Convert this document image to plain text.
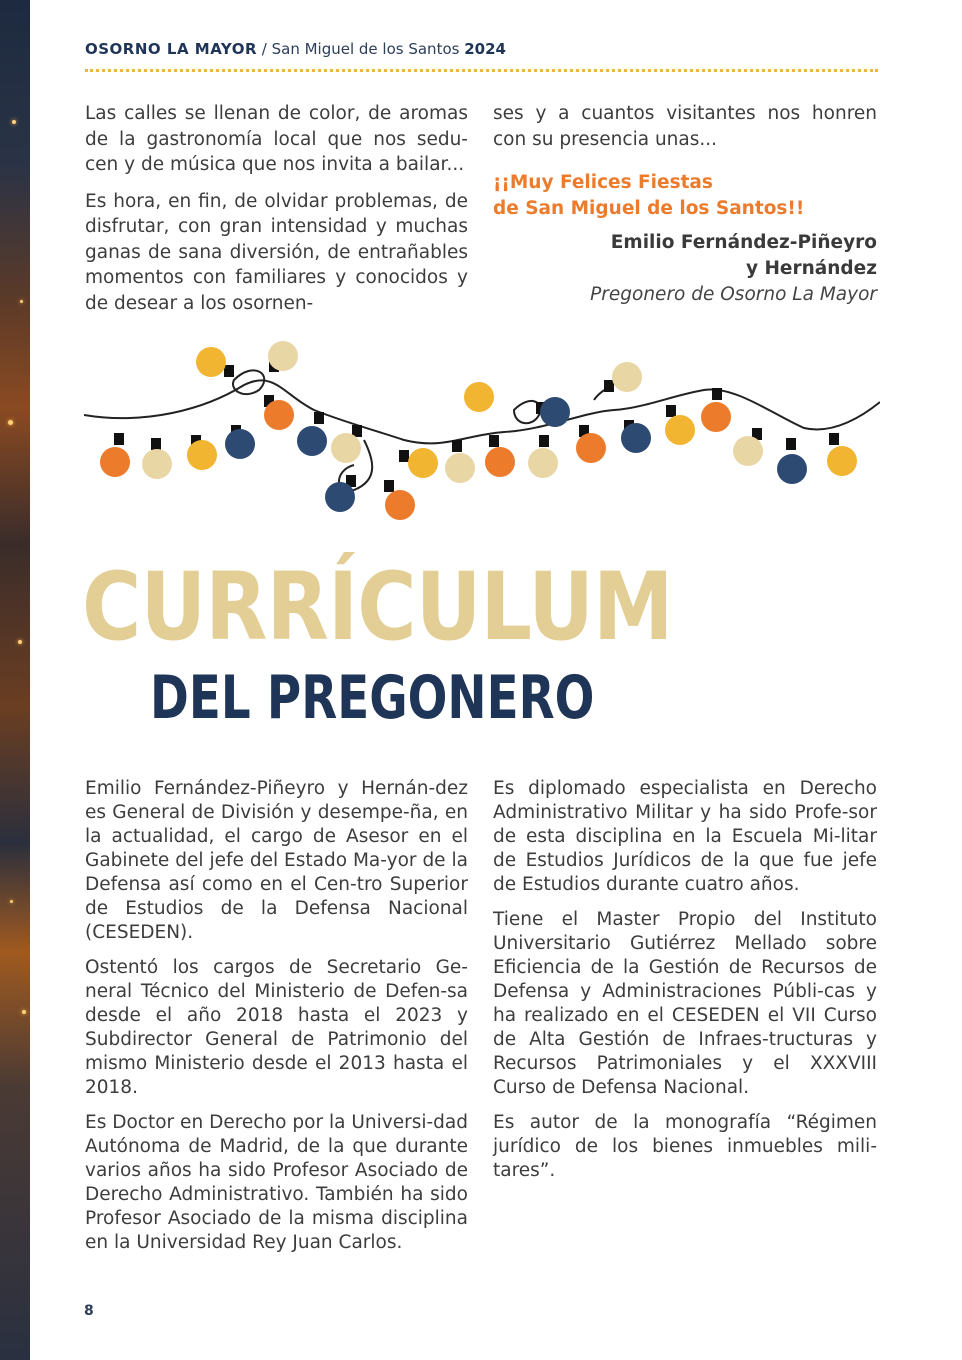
OSORNO LA MAYOR / San Miguel de los Santos 2024

Las calles se llenan de color, de aromas de la gastronomía local que nos sedu-cen y de música que nos invita a bailar...

Es hora, en fin, de olvidar problemas, de disfrutar, con gran intensidad y muchas ganas de sana diversión, de entrañables momentos con familiares y conocidos y de desear a los osornen-

ses y a cuantos visitantes nos honren con su presencia unas...

¡¡Muy Felices Fiestas
de San Miguel de los Santos!!
Emilio Fernández-Piñeyro
y Hernández
Pregonero de Osorno La Mayor
CURRÍCULUM
DEL PREGONERO

Emilio Fernández-Piñeyro y Hernán-dez es General de División y desempe-ña, en la actualidad, el cargo de Asesor en el Gabinete del jefe del Estado Ma-yor de la Defensa así como en el Cen-tro Superior de Estudios de la Defensa Nacional (CESEDEN).

Ostentó los cargos de Secretario Ge-neral Técnico del Ministerio de Defen-sa desde el año 2018 hasta el 2023 y Subdirector General de Patrimonio del mismo Ministerio desde el 2013 hasta el 2018.

Es Doctor en Derecho por la Universi-dad Autónoma de Madrid, de la que durante varios años ha sido Profesor Asociado de Derecho Administrativo. También ha sido Profesor Asociado de la misma disciplina en la Universidad Rey Juan Carlos.

Es diplomado especialista en Derecho Administrativo Militar y ha sido Profe-sor de esta disciplina en la Escuela Mi-litar de Estudios Jurídicos de la que fue jefe de Estudios durante cuatro años.

Tiene el Master Propio del Instituto Universitario Gutiérrez Mellado sobre Eficiencia de la Gestión de Recursos de Defensa y Administraciones Públi-cas y ha realizado en el CESEDEN el VII Curso de Alta Gestión de Infraes-tructuras y Recursos Patrimoniales y el XXXVIII Curso de Defensa Nacional.

Es autor de la monografía “Régimen jurídico de los bienes inmuebles mili-tares”.

8
